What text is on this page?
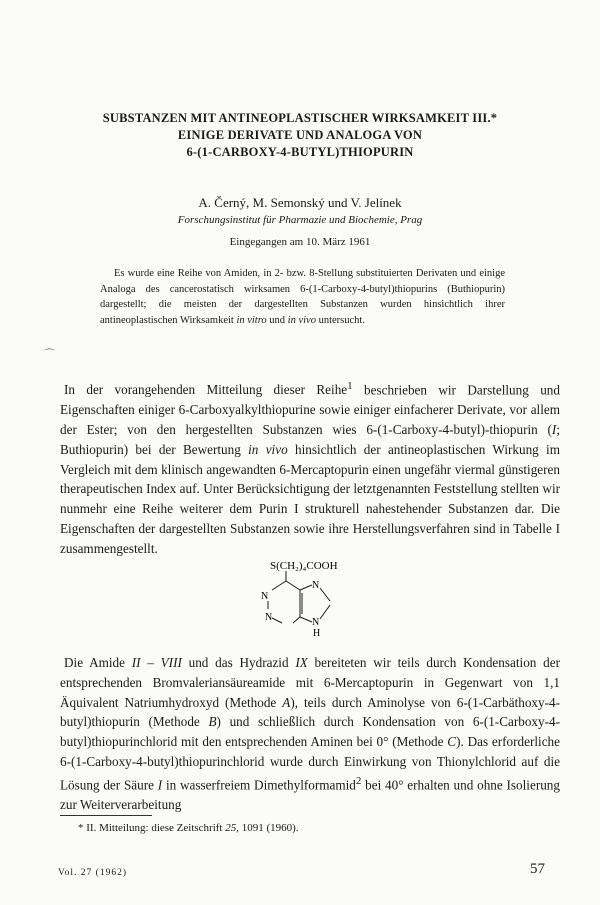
SUBSTANZEN MIT ANTINEOPLASTISCHER WIRKSAMKEIT III.*
EINIGE DERIVATE UND ANALOGA VON
6-(1-CARBOXY-4-BUTYL)THIOPURIN
A. Černý, M. Semonský und V. Jelínek
Forschungsinstitut für Pharmazie und Biochemie, Prag
Eingegangen am 10. März 1961
Es wurde eine Reihe von Amiden, in 2- bzw. 8-Stellung substituierten Derivaten und einige Analoga des cancerostatisch wirksamen 6-(1-Carboxy-4-butyl)thiopurins (Buthiopurin) dargestellt; die meisten der dargestellten Substanzen wurden hinsichtlich ihrer antineoplastischen Wirksamkeit in vitro und in vivo untersucht.
⌒
In der vorangehenden Mitteilung dieser Reihe$^1$ beschrieben wir Darstellung und Eigenschaften einiger 6-Carboxyalkylthiopurine sowie einiger einfacherer Derivate, vor allem der Ester; von den hergestellten Substanzen wies 6-(1-Carboxy-4-butyl)-thiopurin (I; Buthiopurin) bei der Bewertung in vivo hinsichtlich der antineoplastischen Wirkung im Vergleich mit dem klinisch angewandten 6-Mercaptopurin einen ungefähr viermal günstigeren therapeutischen Index auf. Unter Berücksichtigung der letztgenannten Feststellung stellten wir nunmehr eine Reihe weiterer dem Purin I strukturell nahestehender Substanzen dar. Die Eigenschaften der dargestellten Substanzen sowie ihre Herstellungsverfahren sind in Tabelle I zusammengestellt.
S(CH₂)₄COOH
N
N
N
N
H
Die Amide II – VIII und das Hydrazid IX bereiteten wir teils durch Kondensation der entsprechenden Bromvaleriansäureamide mit 6-Mercaptopurin in Gegenwart von 1,1 Äquivalent Natriumhydroxyd (Methode A), teils durch Aminolyse von 6-(1-Carbäthoxy-4-butyl)thiopurin (Methode B) und schließlich durch Kondensation von 6-(1-Carboxy-4-butyl)thiopurinchlorid mit den entsprechenden Aminen bei 0° (Methode C). Das erforderliche 6-(1-Carboxy-4-butyl)thiopurinchlorid wurde durch Einwirkung von Thionylchlorid auf die Lösung der Säure I in wasserfreiem Dimethylformamid$^2$ bei 40° erhalten und ohne Isolierung zur Weiterverarbeitung
* II. Mitteilung: diese Zeitschrift 25, 1091 (1960).
Vol. 27 (1962)	57
